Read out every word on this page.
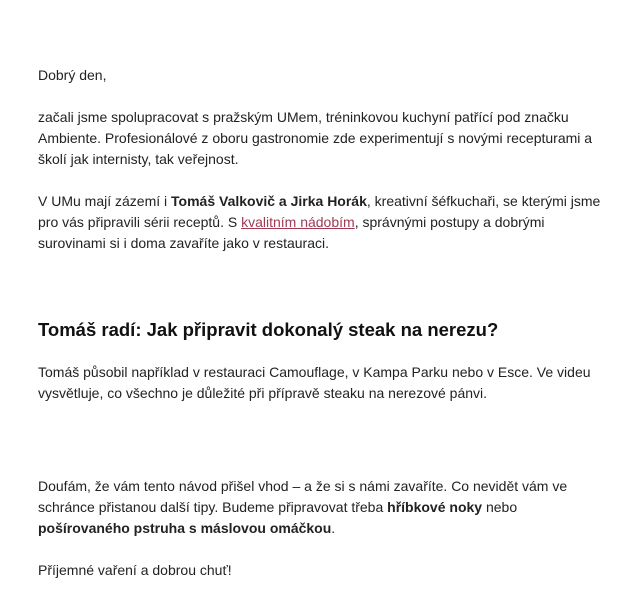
Dobrý den,

začali jsme spolupracovat s pražským UMem, tréninkovou kuchyní patřící pod značku Ambiente. Profesionálové z oboru gastronomie zde experimentují s novými recepturami a školí jak internisty, tak veřejnost.

V UMu mají zázemí i Tomáš Valkovič a Jirka Horák, kreativní šéfkuchaři, se kterými jsme pro vás připravili sérii receptů. S kvalitním nádobím, správnými postupy a dobrými surovinami si i doma zavaříte jako v restauraci.

Tomáš radí: Jak připravit dokonalý steak na nerezu?

Tomáš působil například v restauraci Camouflage, v Kampa Parku nebo v Esce. Ve videu vysvětluje, co všechno je důležité při přípravě steaku na nerezové pánvi.

Doufám, že vám tento návod přišel vhod – a že si s námi zavaříte. Co nevidět vám ve schránce přistanou další tipy. Budeme připravovat třeba hříbkové noky nebo pošírovaného pstruha s máslovou omáčkou.

Příjemné vaření a dobrou chuť!
